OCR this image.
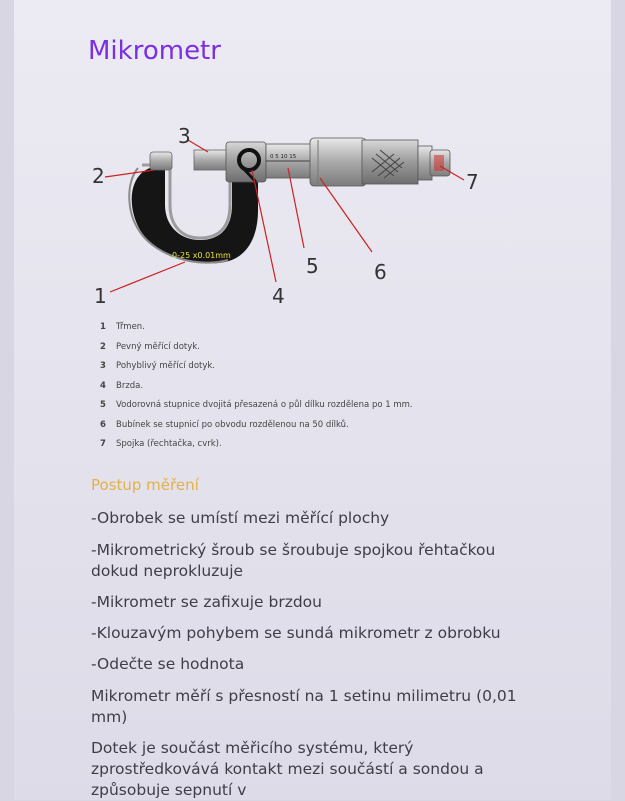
Mikrometr
0-25 x0.01mm
0 5 10 15
1
2
3
4
5	6
7
1 Třmen.
2 Pevný měřící dotyk.
3 Pohyblivý měřící dotyk.
4 Brzda.
5 Vodorovná stupnice dvojitá přesazená o půl dílku rozdělena po 1 mm.
6 Bubínek se stupnicí po obvodu rozdělenou na 50 dílků.
7 Spojka (řechtačka, cvrk).
Postup měření
-Obrobek se umístí mezi měřící plochy
-Mikrometrický šroub se šroubuje spojkou řehtačkou dokud neprokluzuje
-Mikrometr se zafixuje brzdou
-Klouzavým pohybem se sundá mikrometr z obrobku
-Odečte se hodnota
Mikrometr měří s přesností na 1 setinu milimetru (0,01 mm)
Dotek je součást měřicího systému, který zprostředkovává kontakt mezi součástí a sondou a způsobuje sepnutí v
